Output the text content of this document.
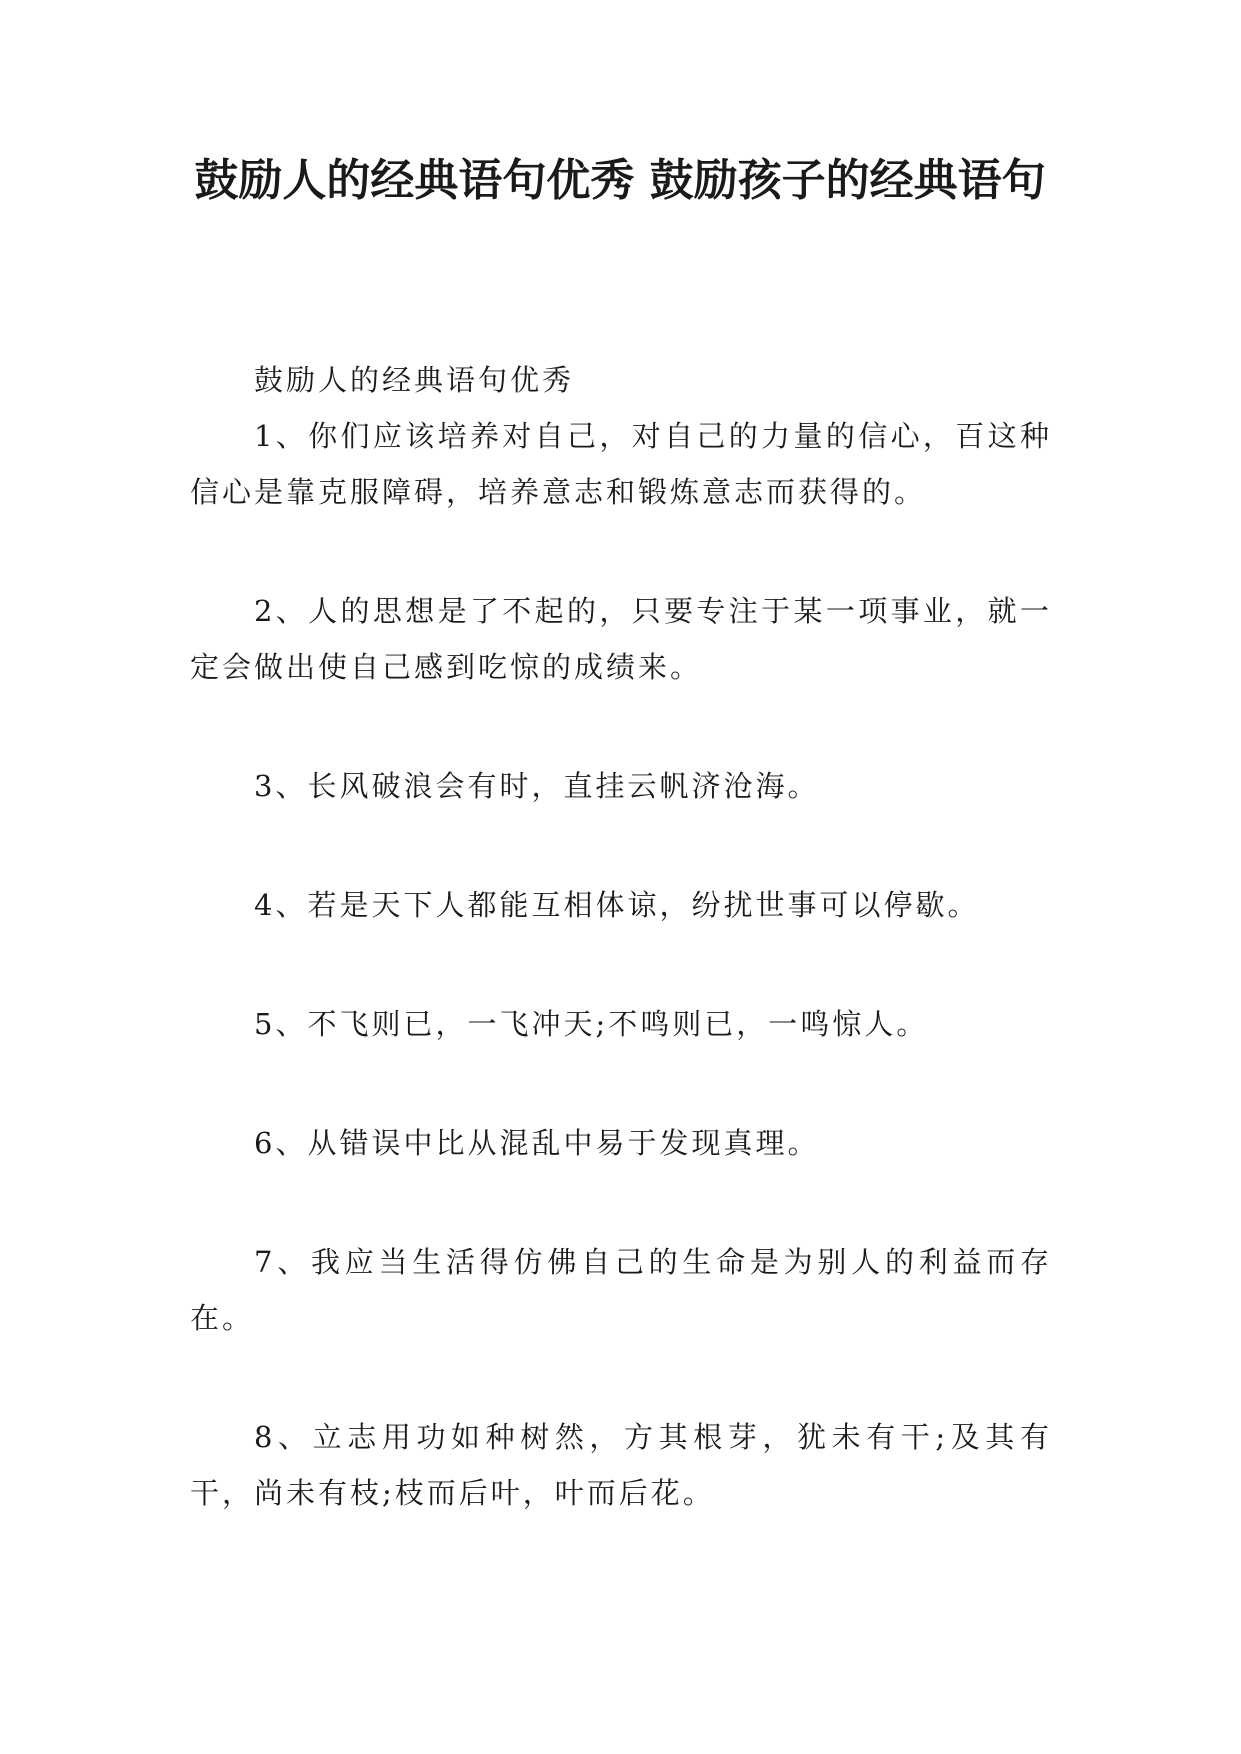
鼓励人的经典语句优秀 鼓励孩子的经典语句

鼓励人的经典语句优秀

1、你们应该培养对自己，对自己的力量的信心，百这种信心是靠克服障碍，培养意志和锻炼意志而获得的。

2、人的思想是了不起的，只要专注于某一项事业，就一定会做出使自己感到吃惊的成绩来。

3、长风破浪会有时，直挂云帆济沧海。

4、若是天下人都能互相体谅，纷扰世事可以停歇。

5、不飞则已，一飞冲天;不鸣则已，一鸣惊人。

6、从错误中比从混乱中易于发现真理。

7、我应当生活得仿佛自己的生命是为别人的利益而存在。

8、立志用功如种树然，方其根芽，犹未有干;及其有干，尚未有枝;枝而后叶，叶而后花。
